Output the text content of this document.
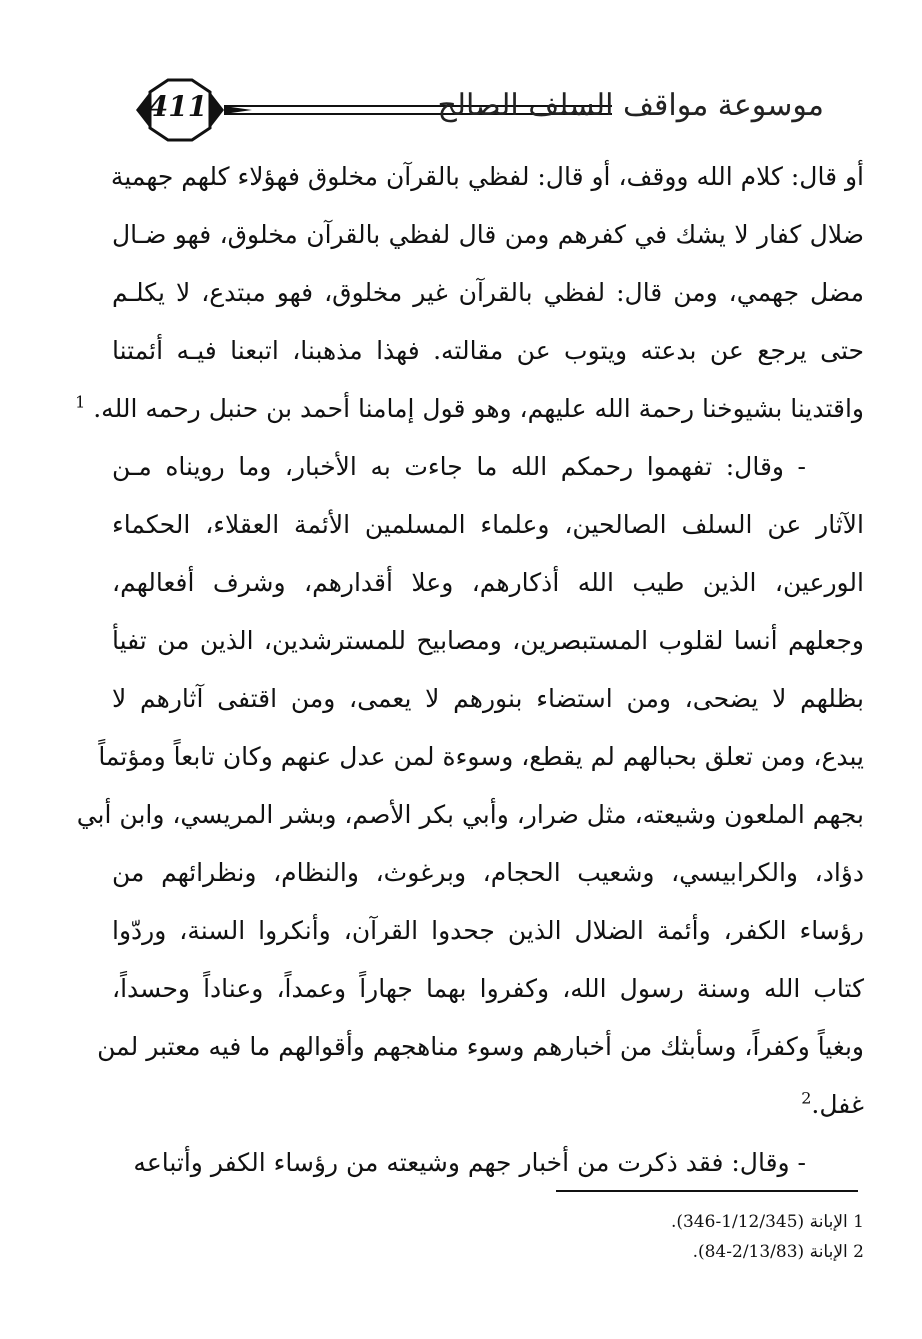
411	موسوعة مواقف السلف الصالح
أو قال: كلام الله ووقف، أو قال: لفظي بالقرآن مخلوق فهؤلاء كلهم جهمية
ضلال كفار لا يشك في كفرهم ومن قال لفظي بالقرآن مخلوق، فهو ضـال
مضل جهمي، ومن قال: لفظي بالقرآن غير مخلوق، فهو مبتدع، لا يكلـم
حتى يرجع عن بدعته ويتوب عن مقالته. فهذا مذهبنا، اتبعنا فيـه أئمتنا
واقتدينا بشيوخنا رحمة الله عليهم، وهو قول إمامنا أحمد بن حنبل رحمه الله. $^1$
- وقال: تفهموا رحمكم الله ما جاءت به الأخبار، وما رويناه مـن
الآثار عن السلف الصالحين، وعلماء المسلمين الأئمة العقلاء، الحكماء
الورعين، الذين طيب الله أذكارهم، وعلا أقدارهم، وشرف أفعالهم،
وجعلهم أنسا لقلوب المستبصرين، ومصابيح للمسترشدين، الذين من تفيأ
بظلهم لا يضحى، ومن استضاء بنورهم لا يعمى، ومن اقتفى آثارهم لا
يبدع، ومن تعلق بحبالهم لم يقطع، وسوءة لمن عدل عنهم وكان تابعاً ومؤتماً
بجهم الملعون وشيعته، مثل ضرار، وأبي بكر الأصم، وبشر المريسي، وابن أبي
دؤاد، والكرابيسي، وشعيب الحجام، وبرغوث، والنظام، ونظرائهم من
رؤساء الكفر، وأئمة الضلال الذين جحدوا القرآن، وأنكروا السنة، وردّوا
كتاب الله وسنة رسول الله، وكفروا بهما جهاراً وعمداً، وعناداً وحسداً،
وبغياً وكفراً، وسأبثك من أخبارهم وسوء مناهجهم وأقوالهم ما فيه معتبر لمن
غفل.$^2$
- وقال: فقد ذكرت من أخبار جهم وشيعته من رؤساء الكفر وأتباعه
1 الإبانة (1/12/345-346).
2 الإبانة (2/13/83-84).
